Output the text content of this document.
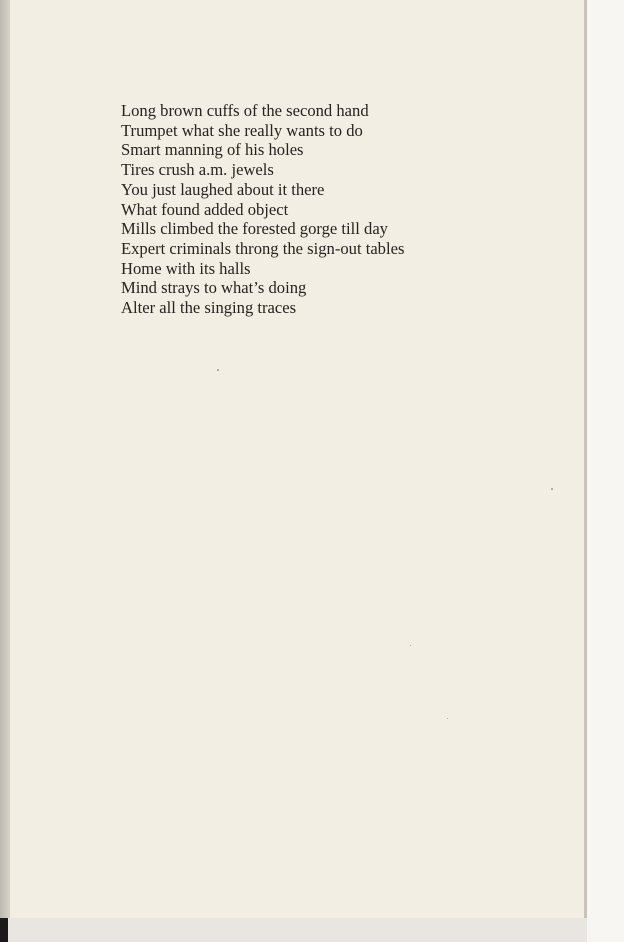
Long brown cuffs of the second hand
Trumpet what she really wants to do
Smart manning of his holes
Tires crush a.m. jewels
You just laughed about it there
What found added object
Mills climbed the forested gorge till day
Expert criminals throng the sign-out tables
Home with its halls
Mind strays to what’s doing
Alter all the singing traces
